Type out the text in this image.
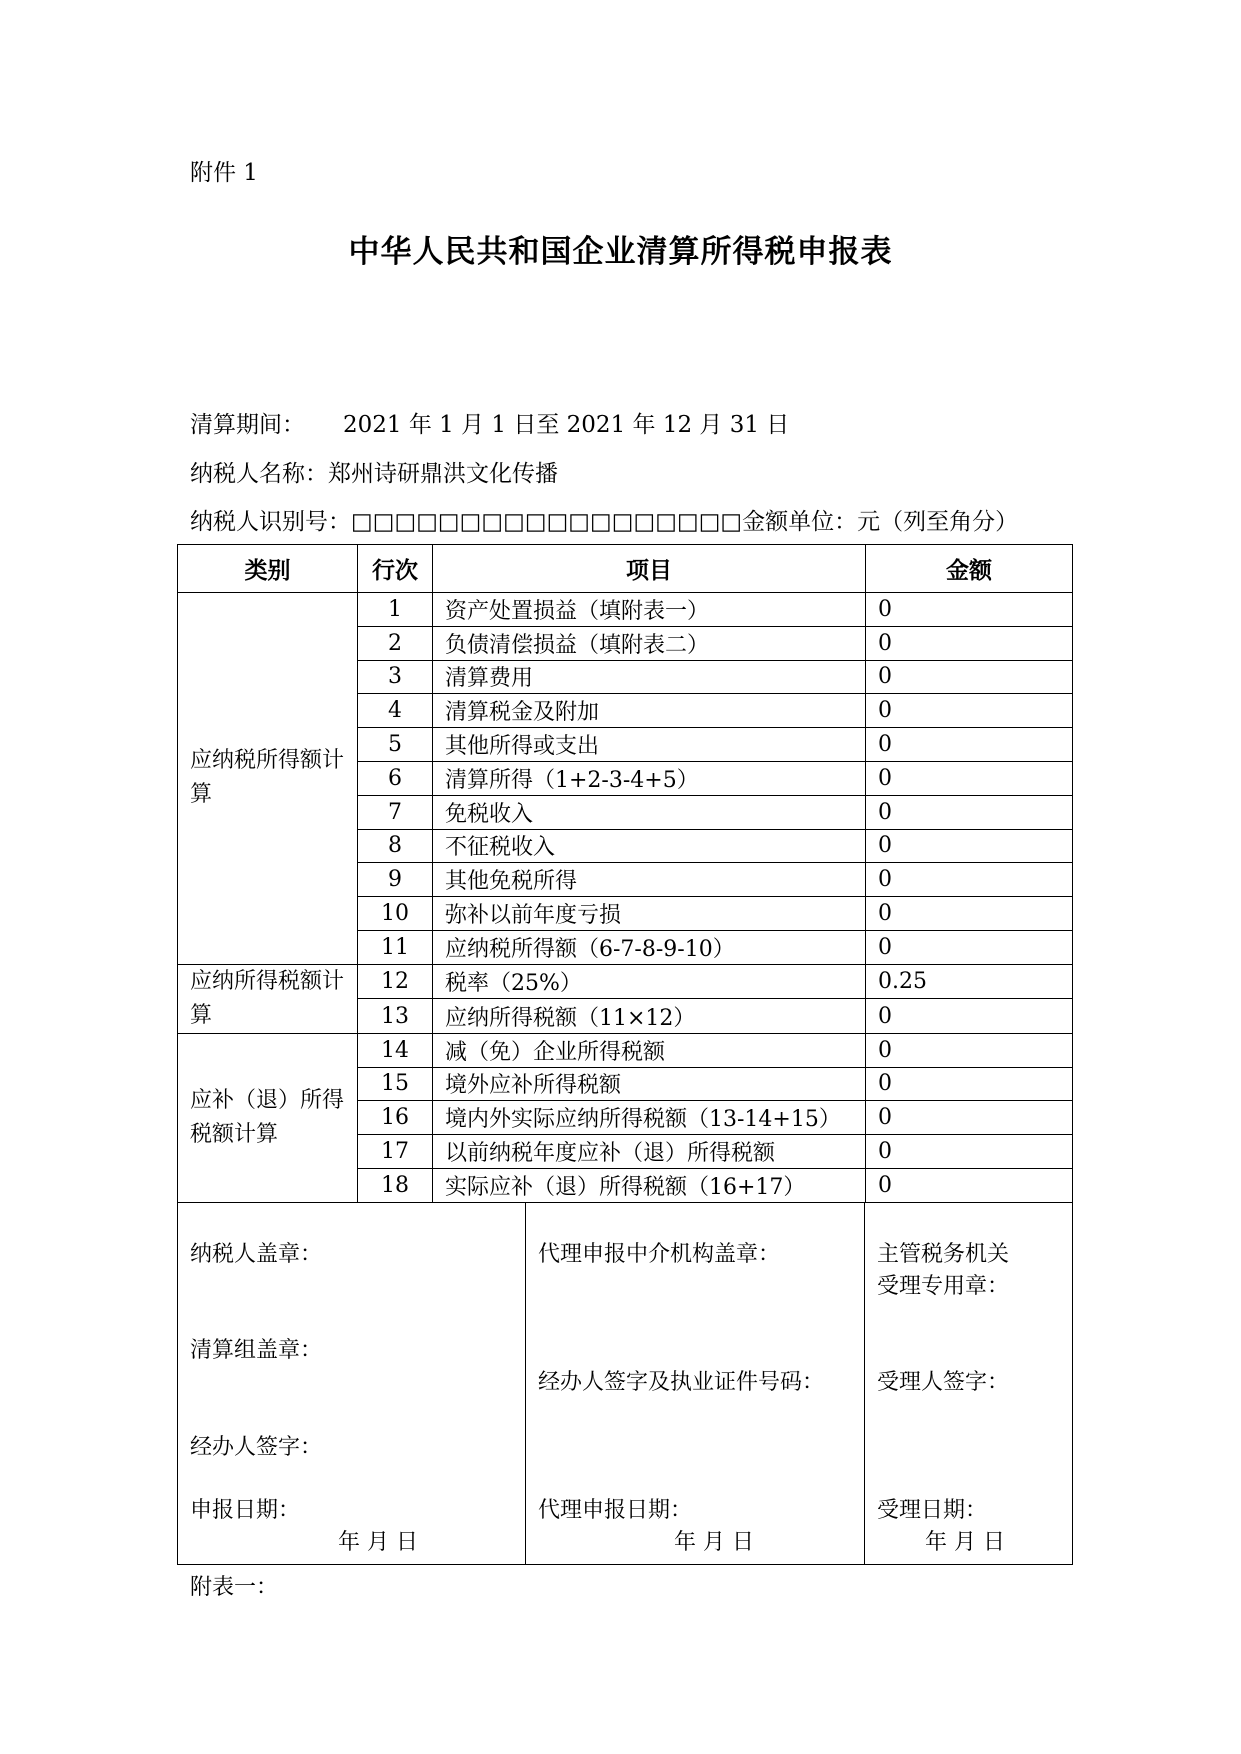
附件 1
中华人民共和国企业清算所得税申报表
清算期间： 2021 年 1 月 1 日至 2021 年 12 月 31 日
纳税人名称：郑州诗研鼎洪文化传播
纳税人识别号：□□□□□□□□□□□□□□□□□□金额单位：元（列至角分）
类别	行次	项目	金额
应纳税所得额计算	1	资产处置损益（填附表一）	0
	2	负债清偿损益（填附表二）	0
	3	清算费用	0
	4	清算税金及附加	0
	5	其他所得或支出	0
	6	清算所得（1+2-3-4+5）	0
	7	免税收入	0
	8	不征税收入	0
	9	其他免税所得	0
	10	弥补以前年度亏损	0
	11	应纳税所得额（6-7-8-9-10）	0
应纳所得税额计算	12	税率（25%）	0.25
	13	应纳所得税额（11×12）	0
应补（退）所得税额计算	14	减（免）企业所得税额	0
	15	境外应补所得税额	0
	16	境内外实际应纳所得税额（13-14+15）	0
	17	以前纳税年度应补（退）所得税额	0
	18	实际应补（退）所得税额（16+17）	0
纳税人盖章：
清算组盖章：
经办人签字：
申报日期：
年 月 日

代理申报中介机构盖章：
经办人签字及执业证件号码：
代理申报日期：
年 月 日

主管税务机关
受理专用章：
受理人签字：
受理日期：
年 月 日
附表一：
